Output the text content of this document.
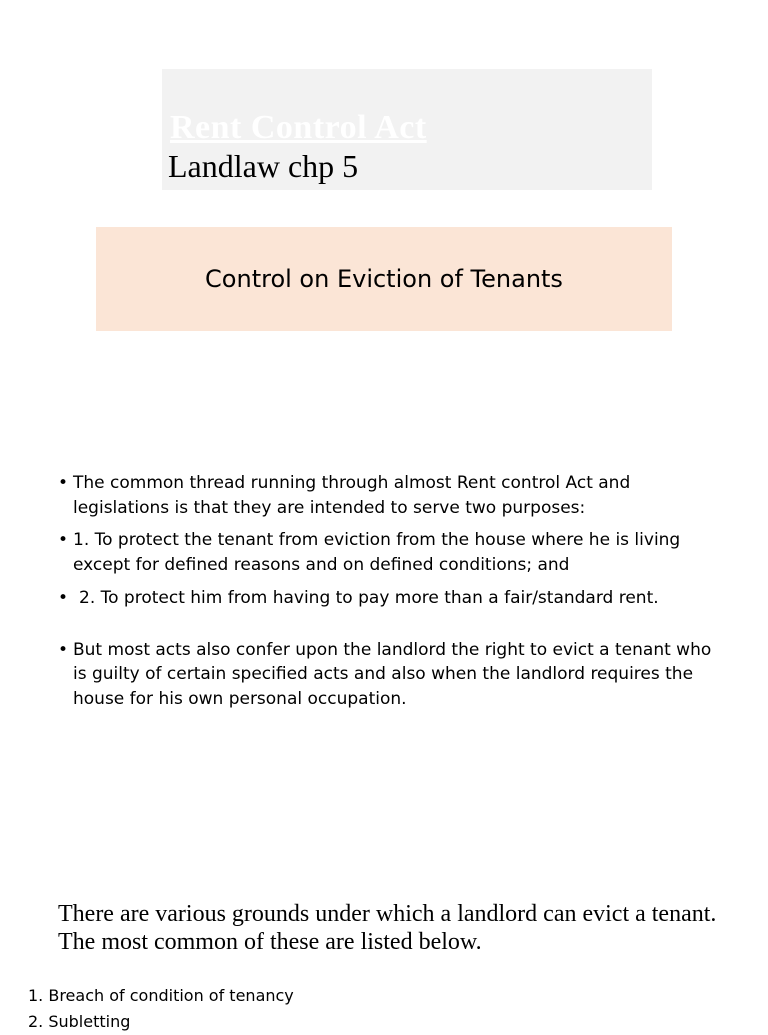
Rent Control Act
Landlaw chp 5
Control on Eviction of Tenants

• The common thread running through almost Rent control Act and legislations is that they are intended to serve two purposes:

• 1. To protect the tenant from eviction from the house where he is living except for defined reasons and on defined conditions; and

• 2. To protect him from having to pay more than a fair/standard rent.

• But most acts also confer upon the landlord the right to evict a tenant who is guilty of certain specified acts and also when the landlord requires the house for his own personal occupation.

There are various grounds under which a landlord can evict a tenant. The most common of these are listed below.
1. Breach of condition of tenancy
2. Subletting
